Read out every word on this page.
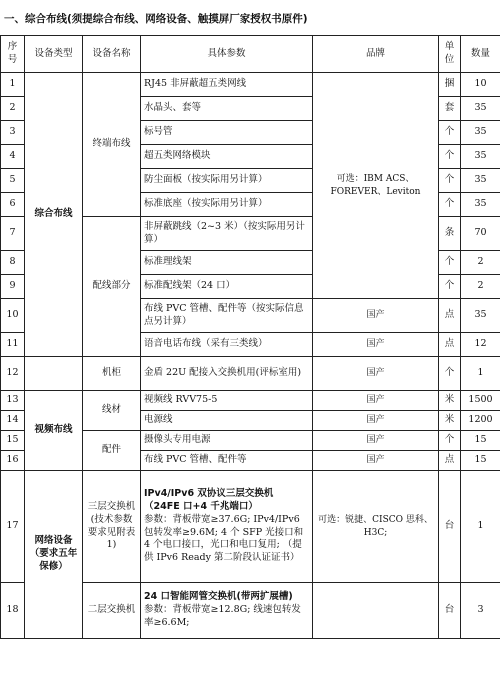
一、综合布线(须提综合布线、网络设备、触摸屏厂家授权书原件)
序号	设备类型	设备名称	具体参数	品牌	单位	数量
1	综合布线	终端布线	RJ45 非屏蔽超五类网线	可选：IBM ACS、FOREVER、Leviton	捆	10
2			水晶头、套等		套	35
3			标号管		个	35
4			超五类网络模块		个	35
5			防尘面板（按实际用另计算）		个	35
6			标准底座（按实际用另计算）		个	35
7		配线部分	非屏蔽跳线（2~3 米）（按实际用另计算）		条	70
8			标准理线架		个	2
9			标准配线架（24 口）		个	2
10			布线 PVC 管槽、配件等（按实际信息点另计算）	国产	点	35
11			语音电话布线（采有三类线）	国产	点	12
12		机柜	金盾 22U 配接入交换机用(评标室用)	国产	个	1
13	视频布线	线材	视频线 RVV75-5	国产	米	1500
14			电源线	国产	米	1200
15		配件	摄像头专用电源	国产	个	15
16			布线 PVC 管槽、配件等	国产	点	15
17	网络设备（要求五年保修）	三层交换机(技术参数要求见附表 1)	IPv4/IPv6 双协议三层交换机（24FE 口+4 千兆端口）
参数：背板带宽≥37.6G; IPv4/IPv6 包转发率≥9.6M; 4 个 SFP 光接口和 4 个电口接口，光口和电口复用; （提供 IPv6 Ready 第二阶段认证证书）	可选：锐捷、CISCO 思科、H3C;	台	1
18		二层交换机	24 口智能网管交换机(带两扩展槽)
参数：背板带宽≥12.8G; 线速包转发率≥6.6M;		台	3
